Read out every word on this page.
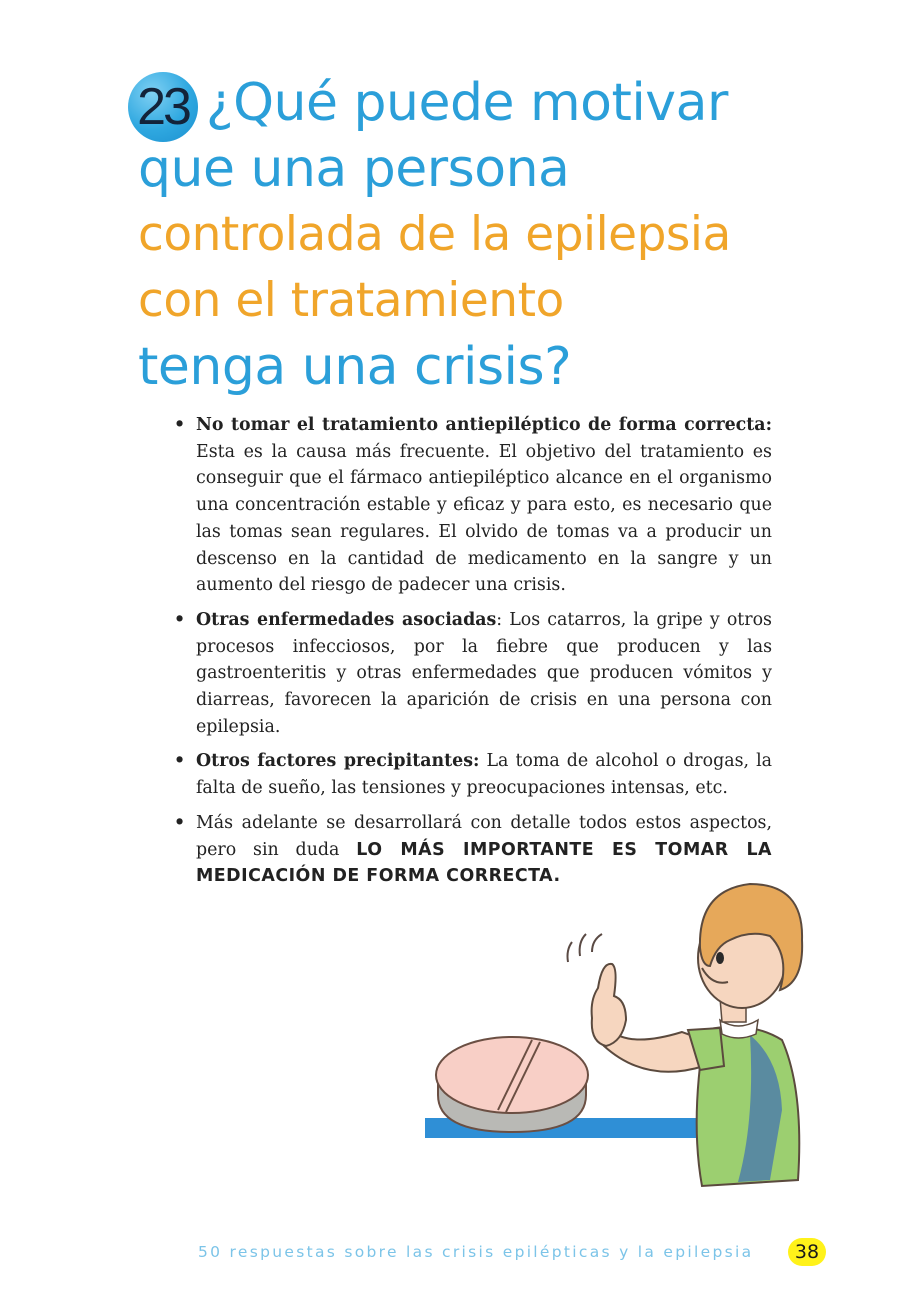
23 ¿Qué puede motivar
que una persona
controlada de la epilepsia
con el tratamiento
tenga una crisis?
• No tomar el tratamiento antiepiléptico de forma correcta: Esta es la causa más frecuente. El objetivo del tratamiento es conseguir que el fármaco antiepiléptico alcance en el organismo una concentración estable y eficaz y para esto, es necesario que las tomas sean regulares. El olvido de tomas va a producir un descenso en la cantidad de medicamento en la sangre y un aumento del riesgo de padecer una crisis.
• Otras enfermedades asociadas: Los catarros, la gripe y otros procesos infecciosos, por la fiebre que producen y las gastroenteritis y otras enfermedades que producen vómitos y diarreas, favorecen la aparición de crisis en una persona con epilepsia.
• Otros factores precipitantes: La toma de alcohol o drogas, la falta de sueño, las tensiones y preocupaciones intensas, etc.
• Más adelante se desarrollará con detalle todos estos aspectos, pero sin duda LO MÁS IMPORTANTE ES TOMAR LA MEDICACIÓN DE FORMA CORRECTA.
50 respuestas sobre las crisis epilépticas y la epilepsia	38
